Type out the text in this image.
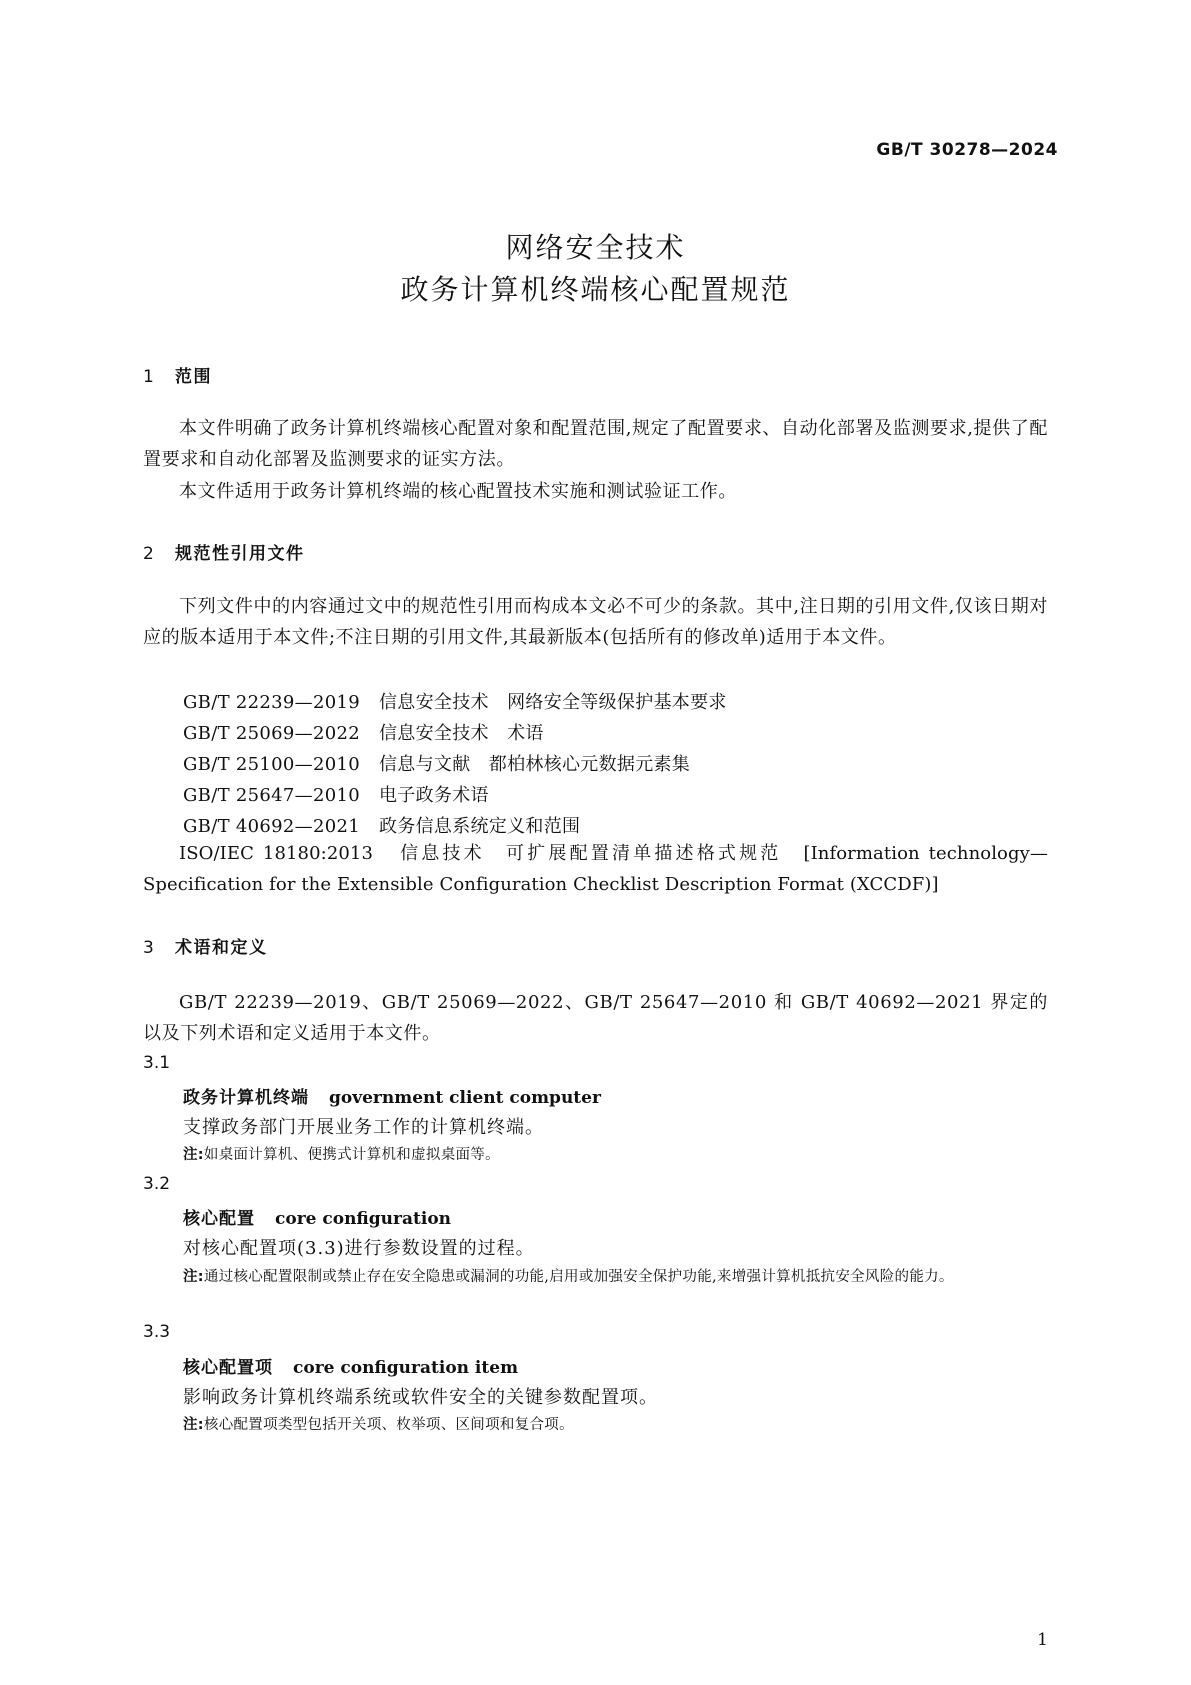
GB/T 30278—2024
网络安全技术
政务计算机终端核心配置规范
1 范围

本文件明确了政务计算机终端核心配置对象和配置范围,规定了配置要求、自动化部署及监测要求,提供了配置要求和自动化部署及监测要求的证实方法。

本文件适用于政务计算机终端的核心配置技术实施和测试验证工作。

2 规范性引用文件

下列文件中的内容通过文中的规范性引用而构成本文必不可少的条款。其中,注日期的引用文件,仅该日期对应的版本适用于本文件;不注日期的引用文件,其最新版本(包括所有的修改单)适用于本文件。

GB/T 22239—2019 信息安全技术　网络安全等级保护基本要求
GB/T 25069—2022 信息安全技术　术语
GB/T 25100—2010 信息与文献　都柏林核心元数据元素集
GB/T 25647—2010 电子政务术语
GB/T 40692—2021 政务信息系统定义和范围

ISO/IEC 18180:2013 信息技术　可扩展配置清单描述格式规范 [Information technology—Specification for the Extensible Configuration Checklist Description Format (XCCDF)]

3 术语和定义

GB/T 22239—2019、GB/T 25069—2022、GB/T 25647—2010 和 GB/T 40692—2021 界定的以及下列术语和定义适用于本文件。

3.1
政务计算机终端 government client computer
支撑政务部门开展业务工作的计算机终端。
注:如桌面计算机、便携式计算机和虚拟桌面等。
3.2
核心配置 core configuration
对核心配置项(3.3)进行参数设置的过程。
注:通过核心配置限制或禁止存在安全隐患或漏洞的功能,启用或加强安全保护功能,来增强计算机抵抗安全风险的能力。
3.3
核心配置项 core configuration item
影响政务计算机终端系统或软件安全的关键参数配置项。
注:核心配置项类型包括开关项、枚举项、区间项和复合项。
1
